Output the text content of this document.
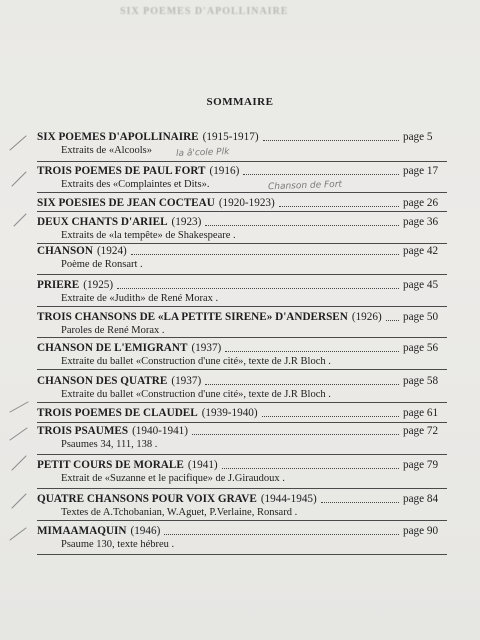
SIX POEMES D'APOLLINAIRE
SOMMAIRE
SIX POEMES D'APOLLINAIRE (1915-1917)	page 5
Extraits de «Alcools»
TROIS POEMES DE PAUL FORT (1916)	page 17
Extraits des «Complaintes et Dits».
SIX POESIES DE JEAN COCTEAU (1920-1923)	page 26
DEUX CHANTS D'ARIEL (1923)	page 36
Extraits de «la tempête» de Shakespeare .
CHANSON (1924)	page 42
Poème de Ronsart .
PRIERE (1925)	page 45
Extraite de «Judith» de René Morax .
TROIS CHANSONS DE «LA PETITE SIRENE» D'ANDERSEN (1926) page 50
Paroles de René Morax .
CHANSON DE L'EMIGRANT (1937)	page 56
Extraite du ballet «Construction d'une cité», texte de J.R Bloch .
CHANSON DES QUATRE (1937)	page 58
Extraite du ballet «Construction d'une cité», texte de J.R Bloch .
TROIS POEMES DE CLAUDEL (1939-1940)	page 61
TROIS PSAUMES (1940-1941)	page 72
Psaumes 34, 111, 138 .
PETIT COURS DE MORALE (1941)	page 79
Extrait de «Suzanne et le pacifique» de J.Giraudoux .
QUATRE CHANSONS POUR VOIX GRAVE (1944-1945)	page 84
Textes de A.Tchobanian, W.Aguet, P.Verlaine, Ronsard .
MIMAAMAQUIN (1946)	page 90
Psaume 130, texte hébreu .
la â'cole Plk
Chanson de Fort
